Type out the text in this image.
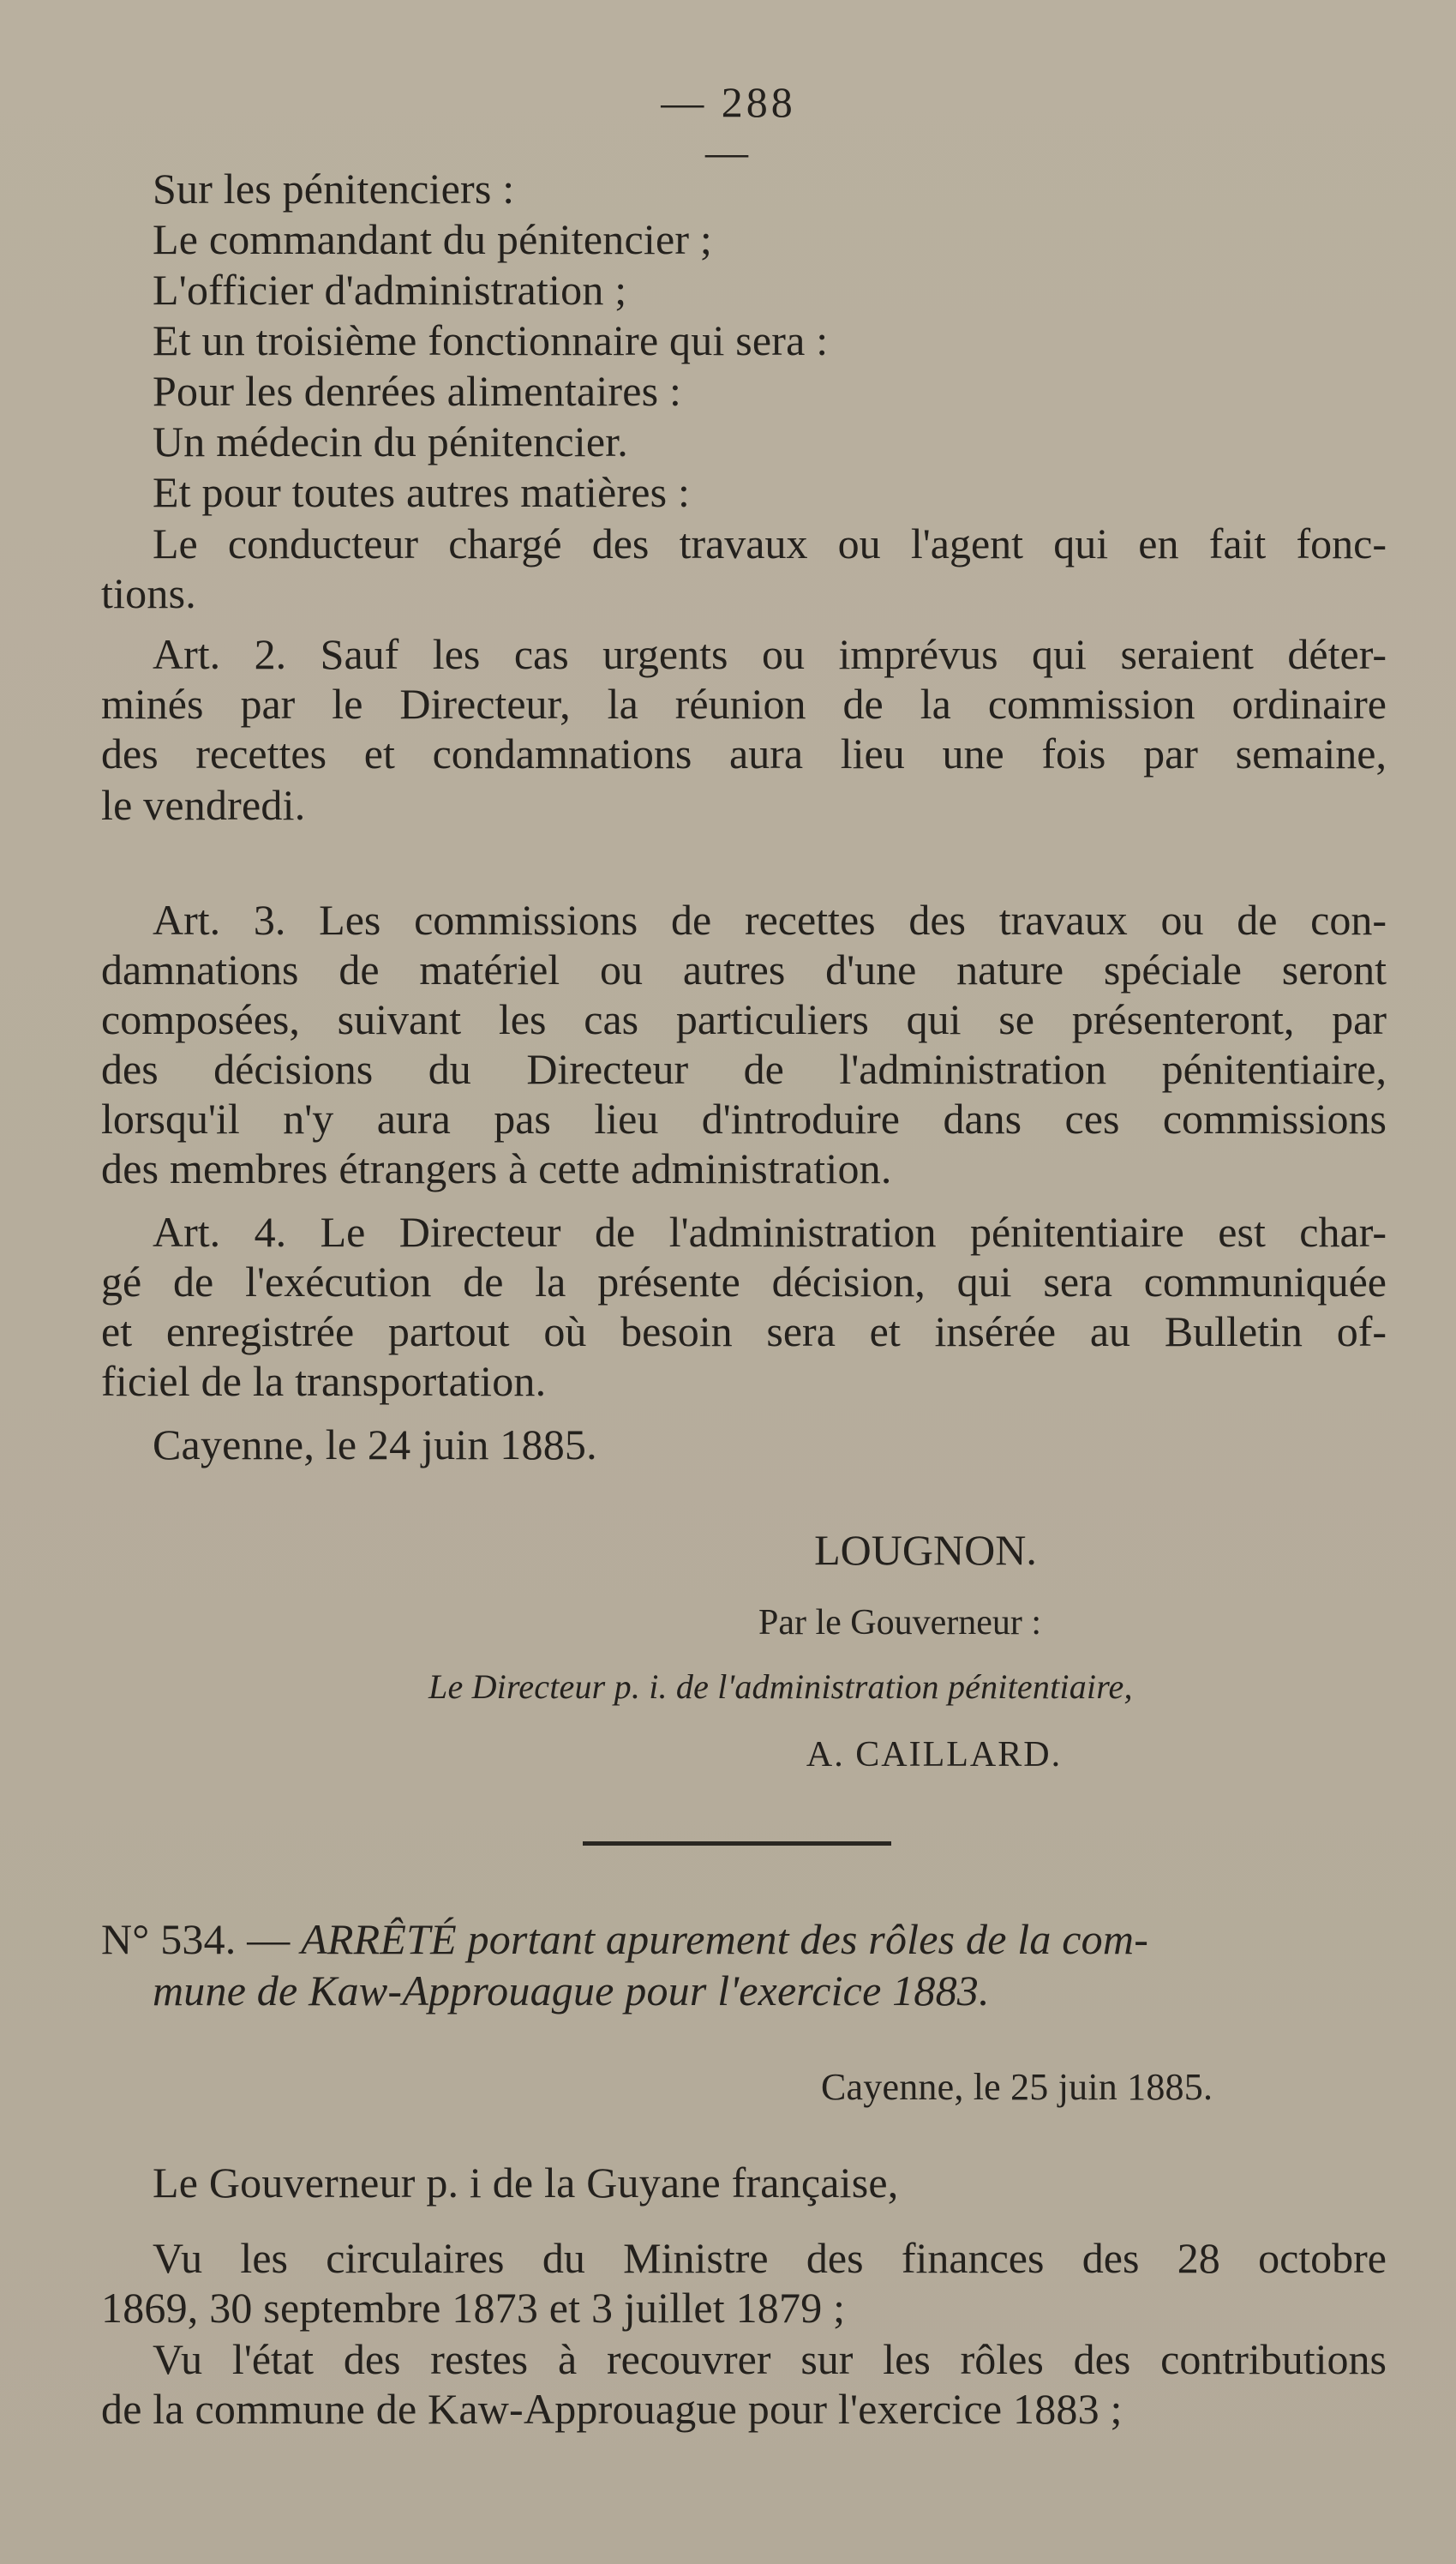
— 288 —
Sur les pénitenciers :
Le commandant du pénitencier ;
L'officier d'administration ;
Et un troisième fonctionnaire qui sera :
Pour les denrées alimentaires :
Un médecin du pénitencier.
Et pour toutes autres matières :
Le conducteur chargé des travaux ou l'agent qui en fait fonc-
tions.
Art. 2. Sauf les cas urgents ou imprévus qui seraient déter-
minés par le Directeur, la réunion de la commission ordinaire
des recettes et condamnations aura lieu une fois par semaine,
le vendredi.
Art. 3. Les commissions de recettes des travaux ou de con-
damnations de matériel ou autres d'une nature spéciale seront
composées, suivant les cas particuliers qui se présenteront, par
des décisions du Directeur de l'administration pénitentiaire,
lorsqu'il n'y aura pas lieu d'introduire dans ces commissions
des membres étrangers à cette administration.
Art. 4. Le Directeur de l'administration pénitentiaire est char-
gé de l'exécution de la présente décision, qui sera communiquée
et enregistrée partout où besoin sera et insérée au Bulletin of-
ficiel de la transportation.
Cayenne, le 24 juin 1885.
LOUGNON.
Par le Gouverneur :
Le Directeur p. i. de l'administration pénitentiaire,
A. CAILLARD.
N° 534. — ARRÊTÉ portant apurement des rôles de la com-
mune de Kaw-Approuague pour l'exercice 1883.
Cayenne, le 25 juin 1885.
Le Gouverneur p. i de la Guyane française,
Vu les circulaires du Ministre des finances des 28 octobre
1869, 30 septembre 1873 et 3 juillet 1879 ;
Vu l'état des restes à recouvrer sur les rôles des contributions
de la commune de Kaw-Approuague pour l'exercice 1883 ;
